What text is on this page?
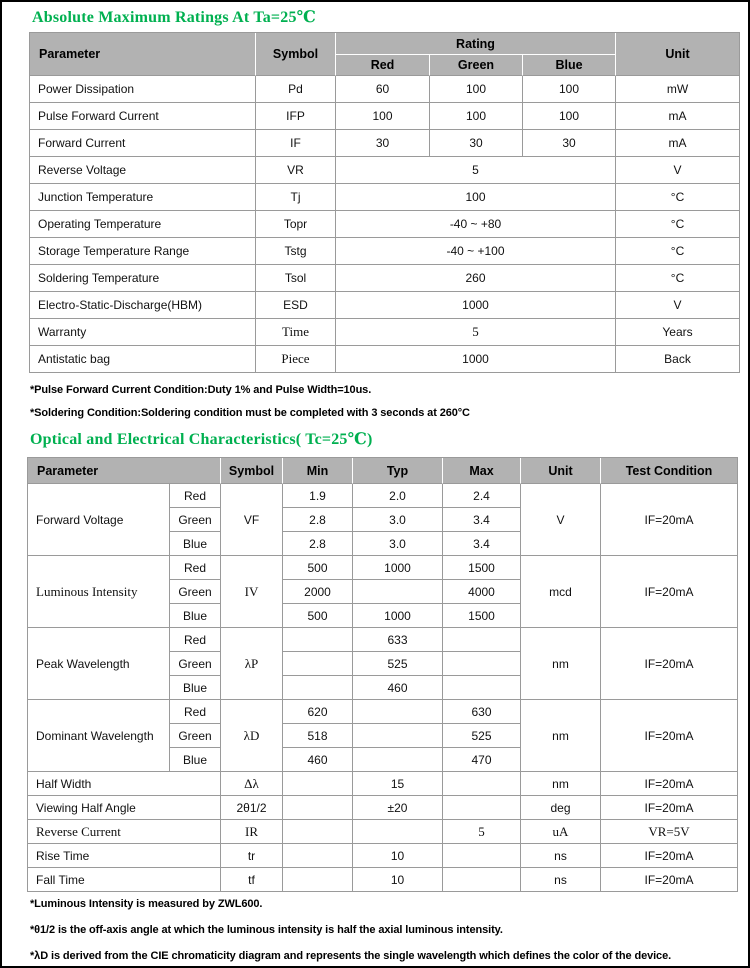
Absolute Maximum Ratings At Ta=25℃
Parameter	Symbol	Rating			Unit
		Red	Green	Blue	
Power Dissipation	Pd	60	100	100	mW
Pulse Forward Current	IFP	100	100	100	mA
Forward Current	IF	30	30	30	mA
Reverse Voltage	VR	5			V
Junction Temperature	Tj	100			°C
Operating Temperature	Topr	-40 ~ +80			°C
Storage Temperature Range	Tstg	-40 ~ +100			°C
Soldering Temperature	Tsol	260			°C
Electro-Static-Discharge(HBM)	ESD	1000			V
Warranty	Time	5			Years
Antistatic bag	Piece	1000			Back
*Pulse Forward Current Condition:Duty 1% and Pulse Width=10us.
*Soldering Condition:Soldering condition must be completed with 3 seconds at 260°C
Optical and Electrical Characteristics( Tc=25℃)
Parameter		Symbol	Min	Typ	Max	Unit	Test Condition
Forward Voltage	Red	VF	1.9	2.0	2.4	V	IF=20mA
	Green		2.8	3.0	3.4		
	Blue		2.8	3.0	3.4		
Luminous Intensity	Red	IV	500	1000	1500	mcd	IF=20mA
	Green		2000		4000		
	Blue		500	1000	1500		
Peak Wavelength	Red	λP		633		nm	IF=20mA
	Green			525			
	Blue			460			
Dominant Wavelength	Red	λD	620		630	nm	IF=20mA
	Green		518		525		
	Blue		460		470		
Half Width		Δλ		15		nm	IF=20mA
Viewing Half Angle		2θ1/2		±20		deg	IF=20mA
Reverse Current		IR			5	uA	VR=5V
Rise Time		tr		10		ns	IF=20mA
Fall Time		tf		10		ns	IF=20mA
*Luminous Intensity is measured by ZWL600.
*θ1/2 is the off-axis angle at which the luminous intensity is half the axial luminous intensity.
*λD is derived from the CIE chromaticity diagram and represents the single wavelength which defines the color of the device.
